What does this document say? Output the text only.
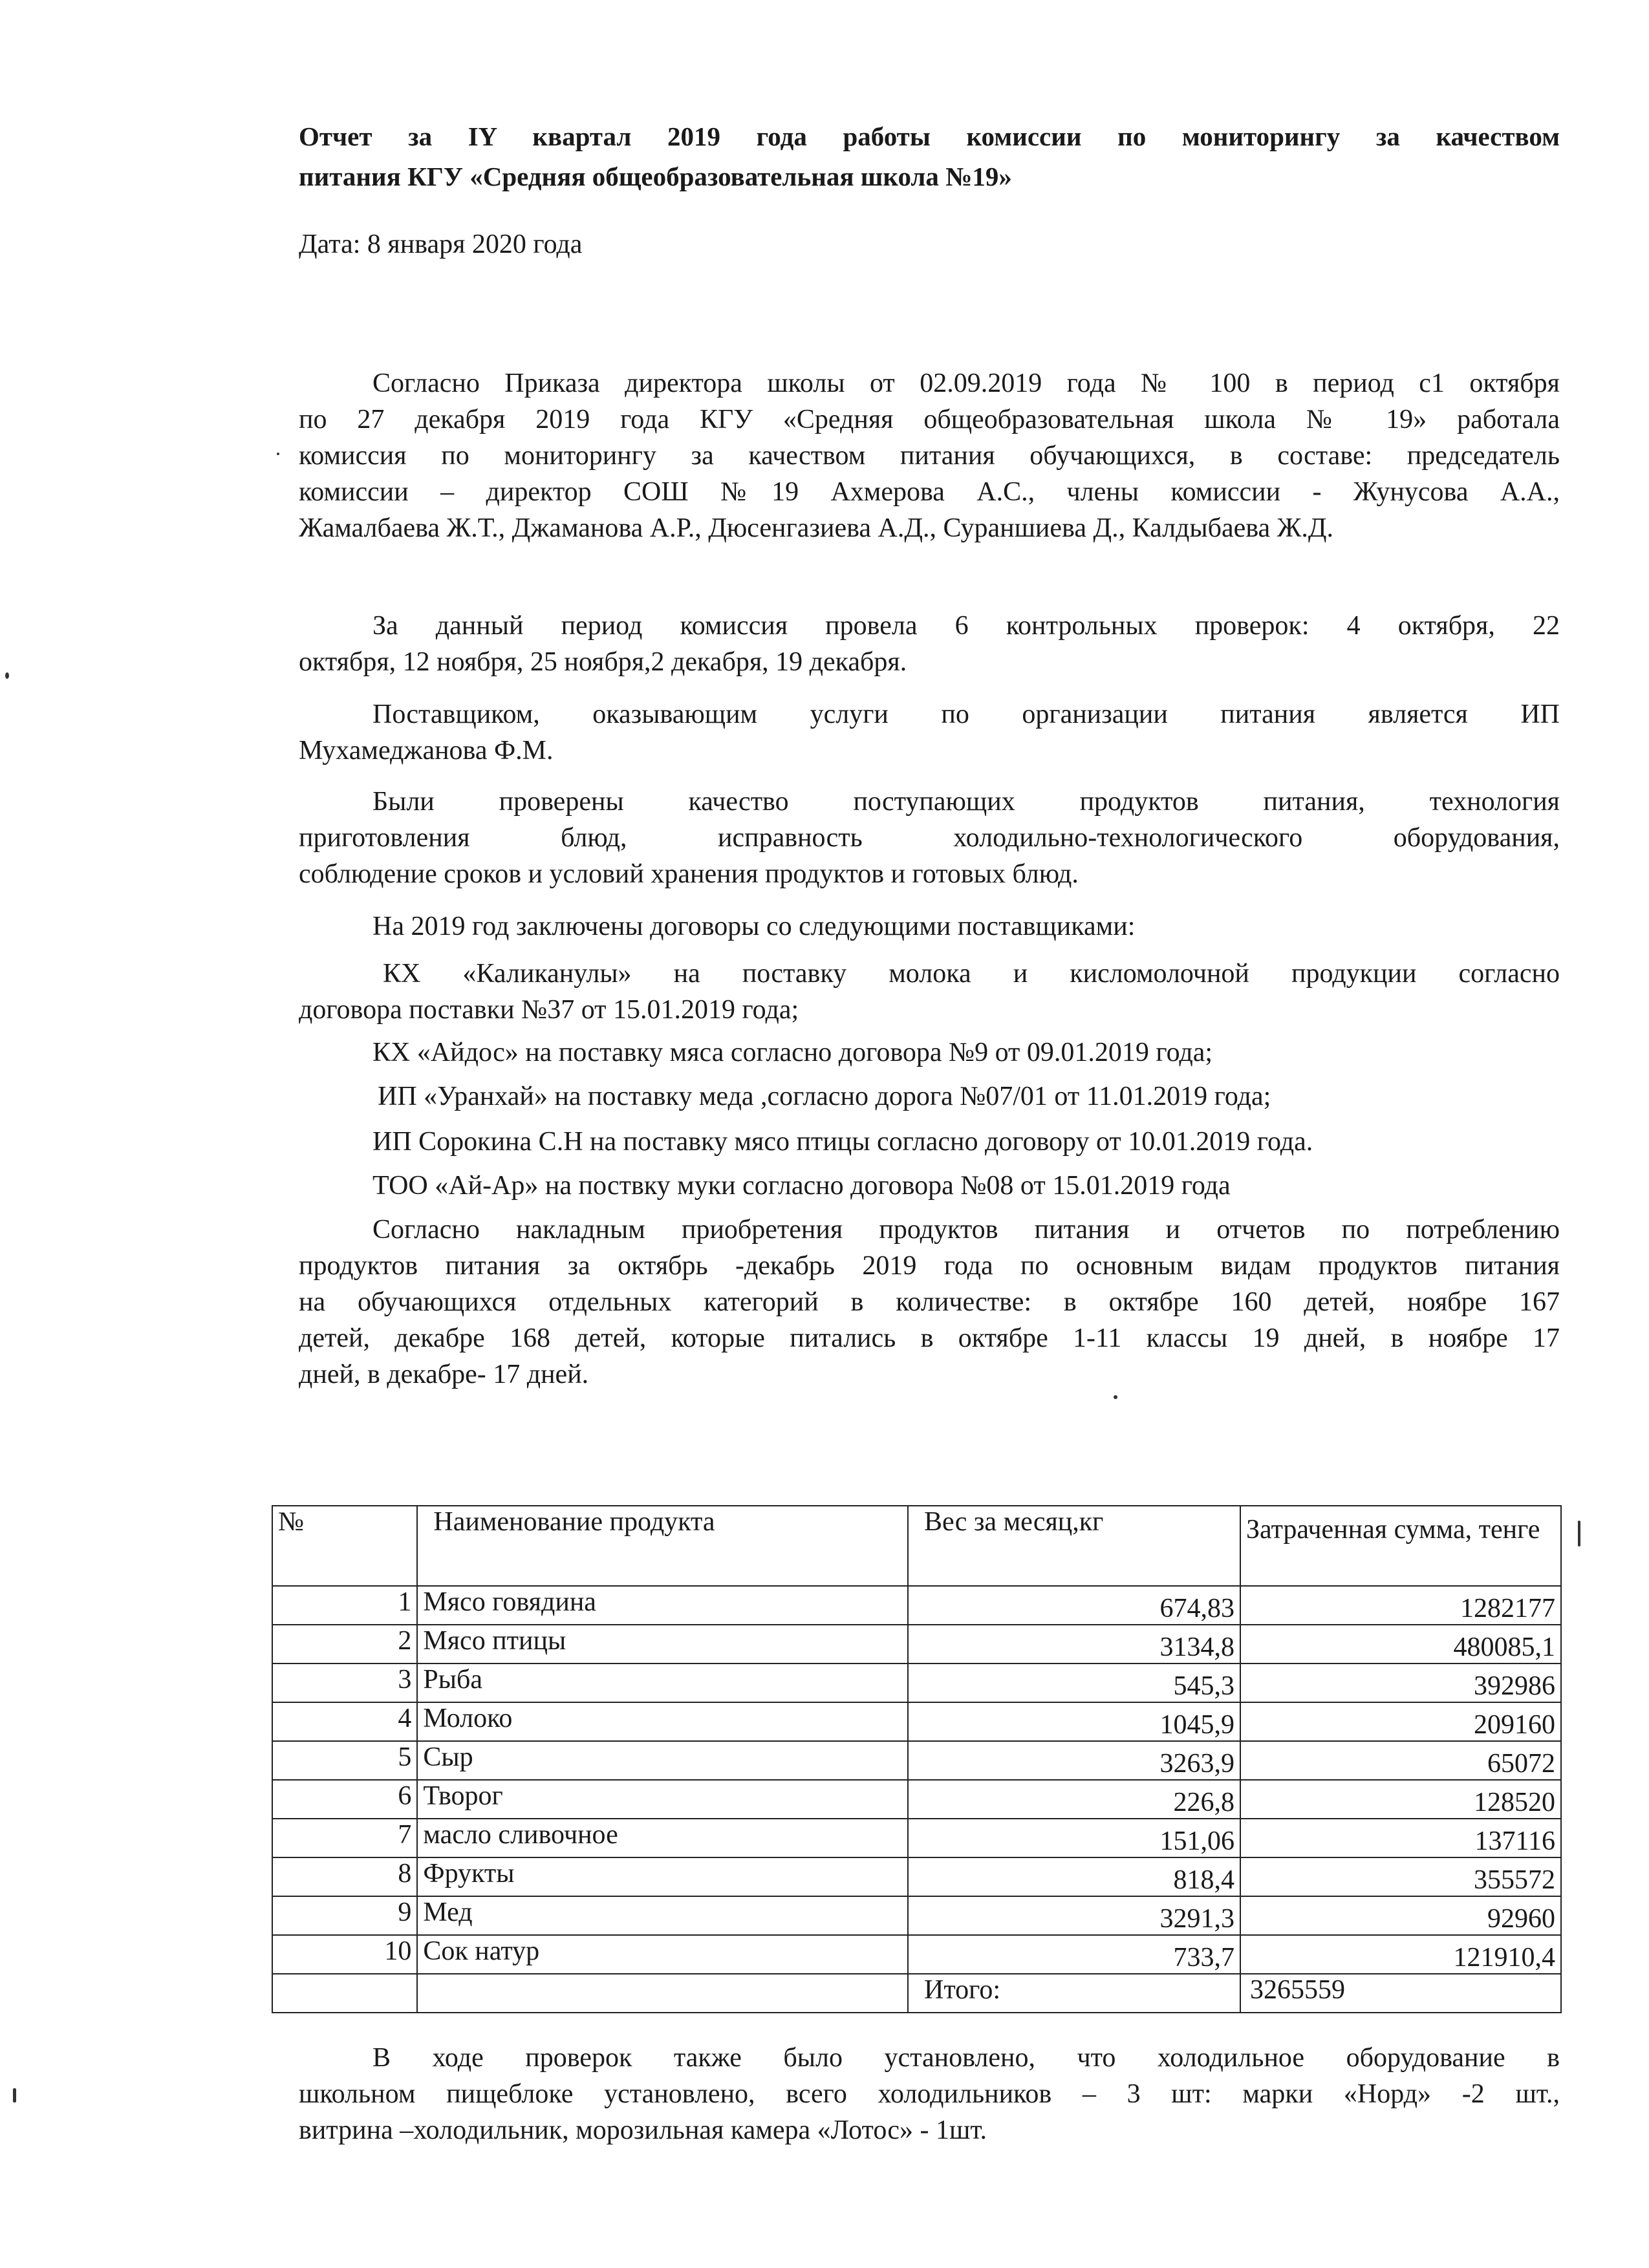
Отчет за IY квартал 2019 года работы комиссии по мониторингу за качеством
питания КГУ «Средняя общеобразовательная школа №19»
Дата: 8 января 2020 года
Согласно Приказа директора школы от 02.09.2019 года № 100 в период с1 октября
по 27 декабря 2019 года КГУ «Средняя общеобразовательная школа № 19» работала
комиссия по мониторингу за качеством питания обучающихся, в составе: председатель
комиссии – директор СОШ №19 Ахмерова А.С., члены комиссии - Жунусова А.А.,
Жамалбаева Ж.Т., Джаманова А.Р., Дюсенгазиева А.Д., Сураншиева Д., Калдыбаева Ж.Д.
За данный период комиссия провела 6 контрольных проверок: 4 октября, 22
октября, 12 ноября, 25 ноября,2 декабря, 19 декабря.
Поставщиком, оказывающим услуги по организации питания является ИП
Мухамеджанова Ф.М.
Были проверены качество поступающих продуктов питания, технология
приготовления блюд, исправность холодильно-технологического оборудования,
соблюдение сроков и условий хранения продуктов и готовых блюд.
На 2019 год заключены договоры со следующими поставщиками:
КХ «Каликанулы» на поставку молока и кисломолочной продукции согласно
договора поставки №37 от 15.01.2019 года;
КХ «Айдос» на поставку мяса согласно договора №9 от 09.01.2019 года;
ИП «Уранхай» на поставку меда ,согласно дорога №07/01 от 11.01.2019 года;
ИП Сорокина С.Н на поставку мясо птицы согласно договору от 10.01.2019 года.
ТОО «Ай-Ар» на поствку муки согласно договора №08 от 15.01.2019 года
Согласно накладным приобретения продуктов питания и отчетов по потреблению
продуктов питания за октябрь -декабрь 2019 года по основным видам продуктов питания
на обучающихся отдельных категорий в количестве: в октябре 160 детей, ноябре 167
детей, декабре 168 детей, которые питались в октябре 1-11 классы 19 дней, в ноябре 17
дней, в декабре- 17 дней.
№	Наименование продукта	Вес за месяц,кг	Затраченная сумма, тенге
1	Мясо говядина	674,83	1282177
2	Мясо птицы	3134,8	480085,1
3	Рыба	545,3	392986
4	Молоко	1045,9	209160
5	Сыр	3263,9	65072
6	Творог	226,8	128520
7	масло сливочное	151,06	137116
8	Фрукты	818,4	355572
9	Мед	3291,3	92960
10	Сок натур	733,7	121910,4
		Итого:	3265559
В ходе проверок также было установлено, что холодильное оборудование в
школьном пищеблоке установлено, всего холодильников – 3 шт: марки «Норд» -2 шт.,
витрина –холодильник, морозильная камера «Лотос» - 1шт.
